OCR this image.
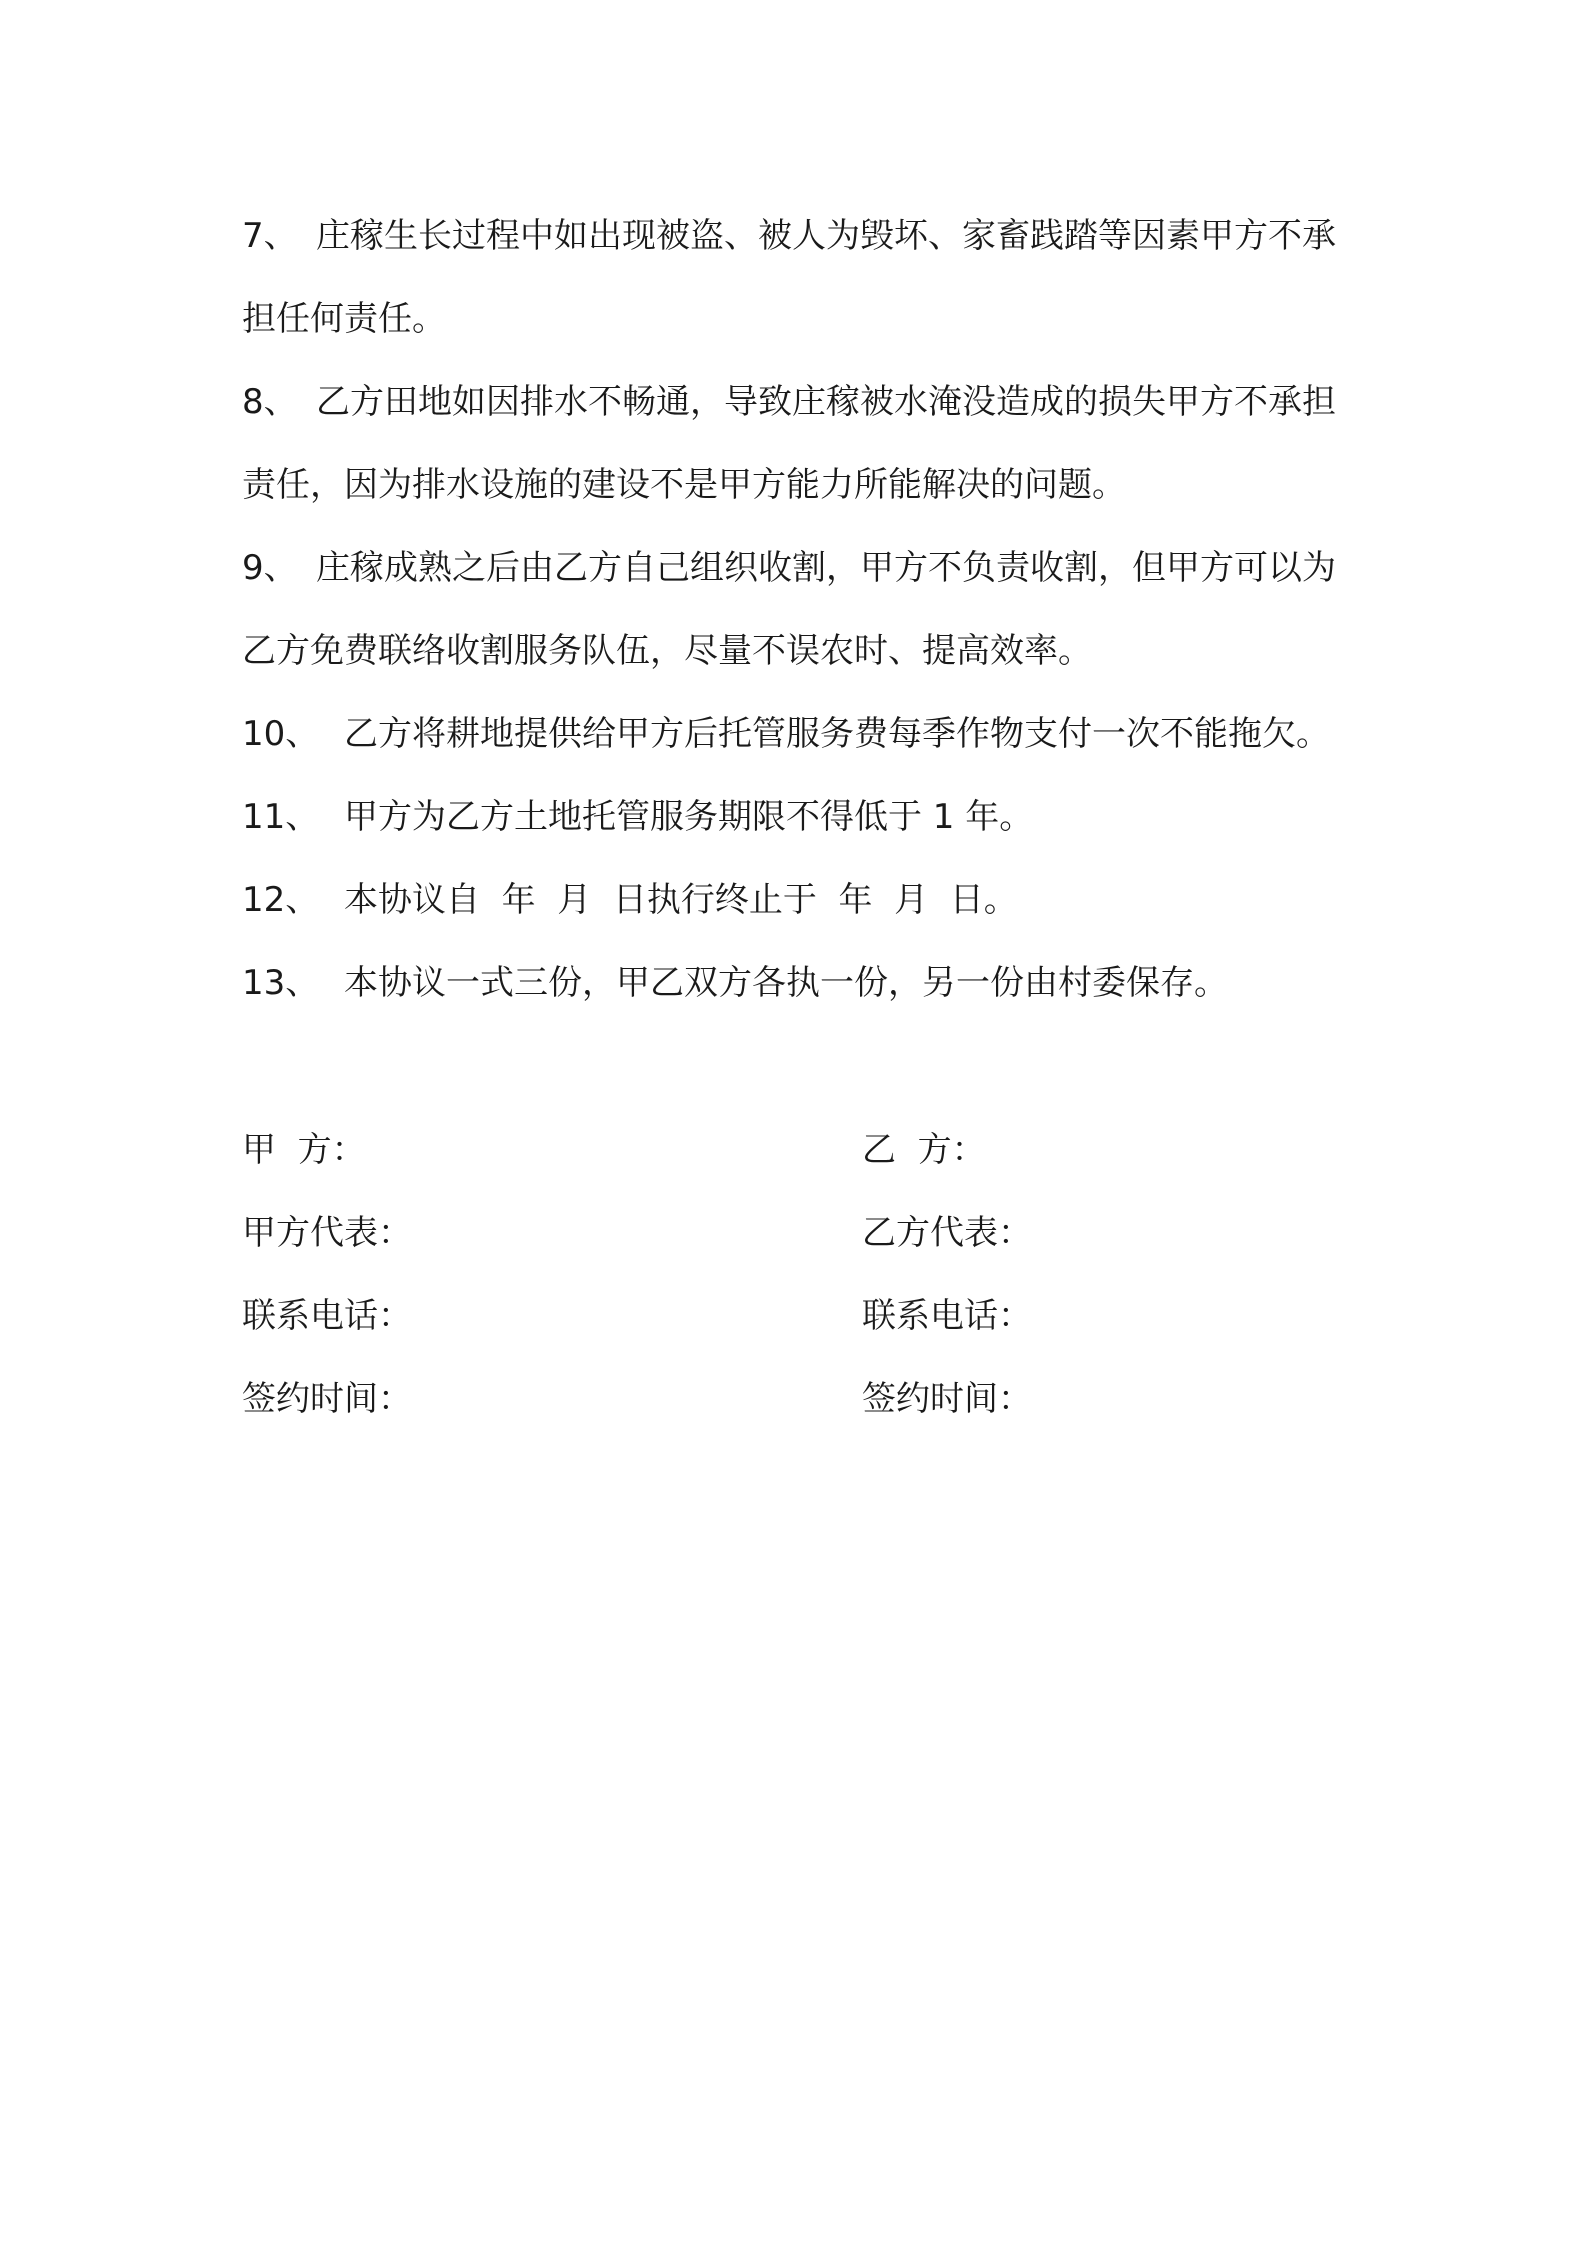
7、 庄稼生长过程中如出现被盗、被人为毁坏、家畜践踏等因素甲方不承担任何责任。

8、 乙方田地如因排水不畅通，导致庄稼被水淹没造成的损失甲方不承担责任，因为排水设施的建设不是甲方能力所能解决的问题。

9、 庄稼成熟之后由乙方自己组织收割，甲方不负责收割，但甲方可以为乙方免费联络收割服务队伍，尽量不误农时、提高效率。

10、 乙方将耕地提供给甲方后托管服务费每季作物支付一次不能拖欠。

11、 甲方为乙方土地托管服务期限不得低于 1 年。

12、 本协议自  年  月  日执行终止于  年  月  日。

13、 本协议一式三份，甲乙双方各执一份，另一份由村委保存。

甲  方：	乙  方：
甲方代表：	乙方代表：
联系电话：	联系电话：
签约时间：	签约时间：
